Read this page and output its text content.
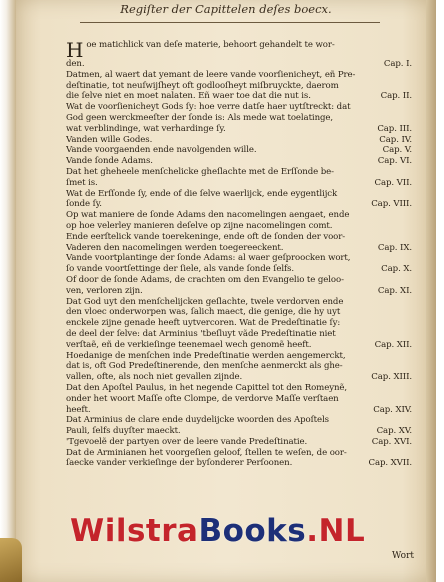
Regiſter der Capittelen deſes boecx.
Hoe matichlick van deſe materie, behoort gehandelt te wor-
den.	Cap. I.
Datmen, al waert dat yemant de leere vande voorſienicheyt, eñ Pre-
deſtinatie, tot neuſwijſheyt oft godlooſheyt miſbruyckte, daerom
die ſelve niet en moet nalaten. Eñ waer toe dat die nut is.	Cap. II.
Wat de voorſienicheyt Gods ſy: hoe verre datſe haer uytſtreckt: dat
God geen werckmeeſter der ſonde is: Als mede wat toelatinge,
wat verblindinge, wat verhardinge ſy.	Cap. III.
Vanden wille Godes.	Cap. IV.
Vande voorgaenden ende navolgenden wille.	Cap. V.
Vande ſonde Adams.	Cap. VI.
Dat het gheheele menſchelicke gheſlachte met de Erſſonde be-
ſmet is.	Cap. VII.
Wat de Erſſonde ſy, ende of die ſelve waerlijck, ende eygentlijck
ſonde ſy.	Cap. VIII.
Op wat maniere de ſonde Adams den nacomelingen aengaet, ende
op hoe velerley manieren deſelve op zijne nacomelingen comt.
Ende eerſtelick vande toerekeninge, ende oft de ſonden der voor-
Vaderen den nacomelingen werden toegereeckent.	Cap. IX.
Vande voortplantinge der ſonde Adams: al waer geſproocken wort,
ſo vande voortſettinge der ſiele, als vande ſonde ſelfs.	Cap. X.
Of door de ſonde Adams, de crachten om den Evangelio te geloo-
ven, verloren zijn.	Cap. XI.
Dat God uyt den menſchelijcken geſlachte, twele verdorven ende
den vloec onderworpen was, ſalich maect, die genige, die hy uyt
enckele zijne genade heeft uytvercoren. Wat de Predeſtinatie ſy:
de deel der ſelve: dat Arminius 'tbeſluyt vãde Predeſtinatie niet
verſtaẽ, eñ de verkieſinge teenemael wech genomẽ heeft.	Cap. XII.
Hoedanige de menſchen inde Predeſtinatie werden aengemerckt,
dat is, oft God Predeſtinerende, den menſche aenmerckt als ghe-
vallen, ofte, als noch niet gevallen zijnde.	Cap. XIII.
Dat den Apoſtel Paulus, in het negende Capittel tot den Romeynẽ,
onder het woort Maſſe ofte Clompe, de verdorve Maſſe verſtaen
heeft.	Cap. XIV.
Dat Arminius de clare ende duydelijcke woorden des Apoſtels
Pauli, ſelfs duyſter maeckt.	Cap. XV.
'Tgevoelẽ der partyen over de leere vande Predeſtinatie.	Cap. XVI.
Dat de Arminianen het voorgeſien geloof, ſtellen te weſen, de oor-
ſaecke vander verkieſinge der byſonderer Perſoonen.	Cap. XVII.
Wort
WilstraBooks.NL
